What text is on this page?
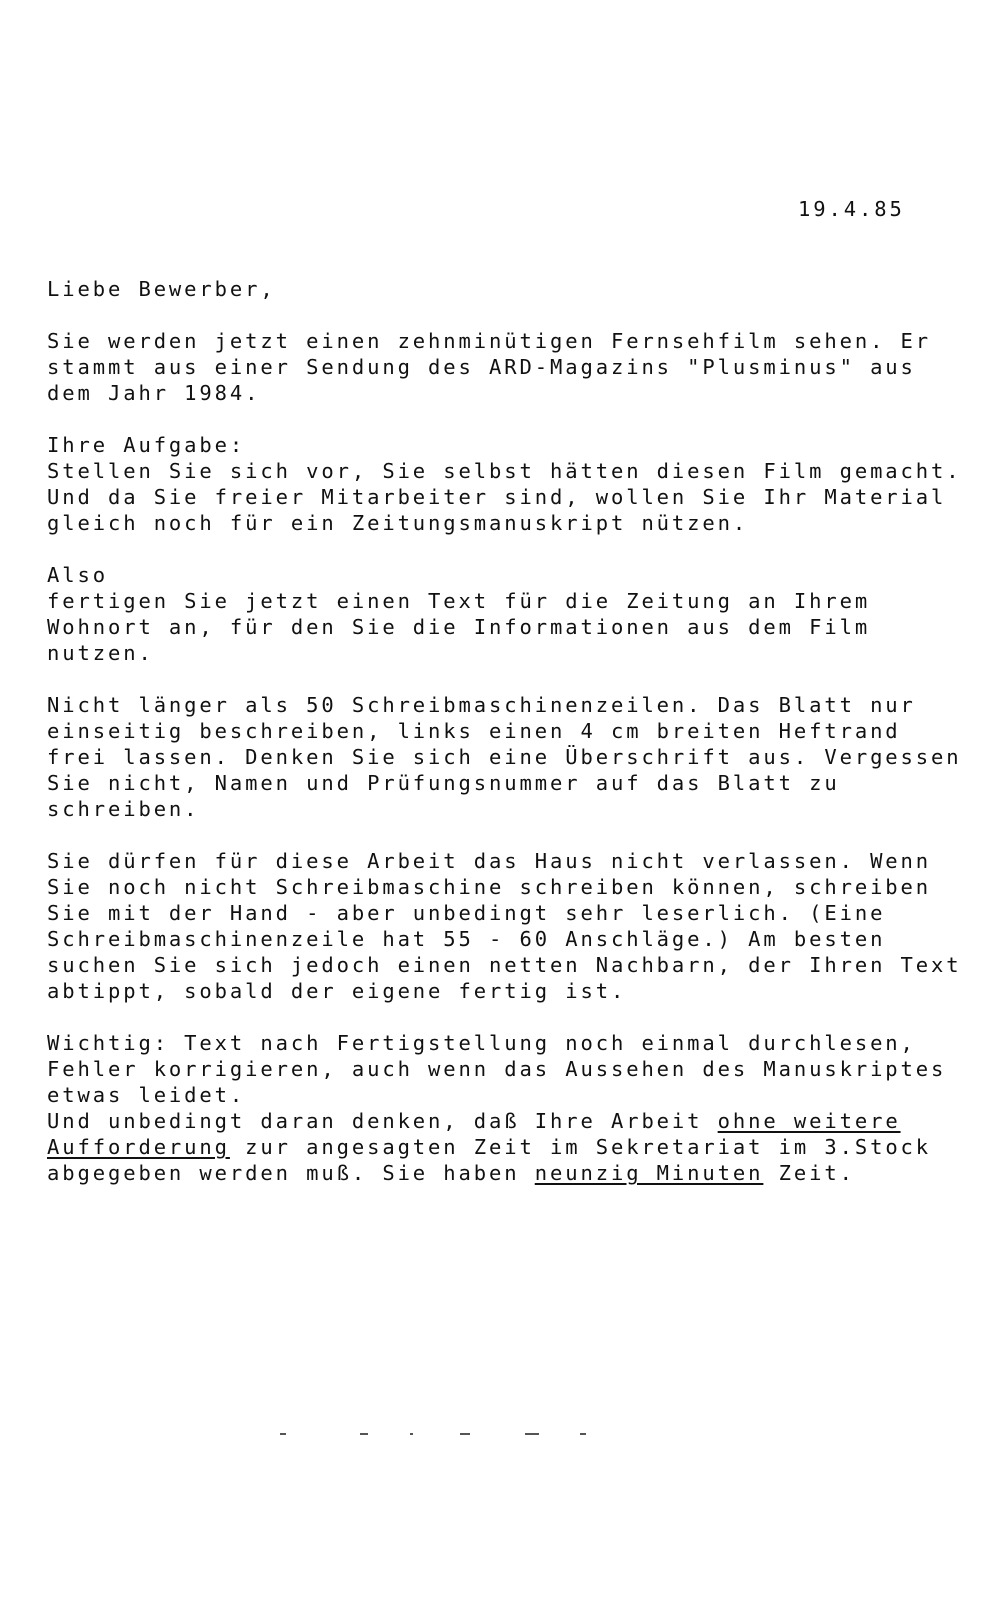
19.4.85
Liebe Bewerber,
Sie werden jetzt einen zehnminütigen Fernsehfilm sehen. Er
stammt aus einer Sendung des ARD-Magazins "Plusminus" aus
dem Jahr 1984.
Ihre Aufgabe:
Stellen Sie sich vor, Sie selbst hätten diesen Film gemacht.
Und da Sie freier Mitarbeiter sind, wollen Sie Ihr Material
gleich noch für ein Zeitungsmanuskript nützen.
Also
fertigen Sie jetzt einen Text für die Zeitung an Ihrem
Wohnort an, für den Sie die Informationen aus dem Film
nutzen.
Nicht länger als 50 Schreibmaschinenzeilen. Das Blatt nur
einseitig beschreiben, links einen 4 cm breiten Heftrand
frei lassen. Denken Sie sich eine Überschrift aus. Vergessen
Sie nicht, Namen und Prüfungsnummer auf das Blatt zu
schreiben.
Sie dürfen für diese Arbeit das Haus nicht verlassen. Wenn
Sie noch nicht Schreibmaschine schreiben können, schreiben
Sie mit der Hand - aber unbedingt sehr leserlich. (Eine
Schreibmaschinenzeile hat 55 - 60 Anschläge.) Am besten
suchen Sie sich jedoch einen netten Nachbarn, der Ihren Text
abtippt, sobald der eigene fertig ist.
Wichtig: Text nach Fertigstellung noch einmal durchlesen,
Fehler korrigieren, auch wenn das Aussehen des Manuskriptes
etwas leidet.
Und unbedingt daran denken, daß Ihre Arbeit ohne weitere
Aufforderung zur angesagten Zeit im Sekretariat im 3.Stock
abgegeben werden muß. Sie haben neunzig Minuten Zeit.
